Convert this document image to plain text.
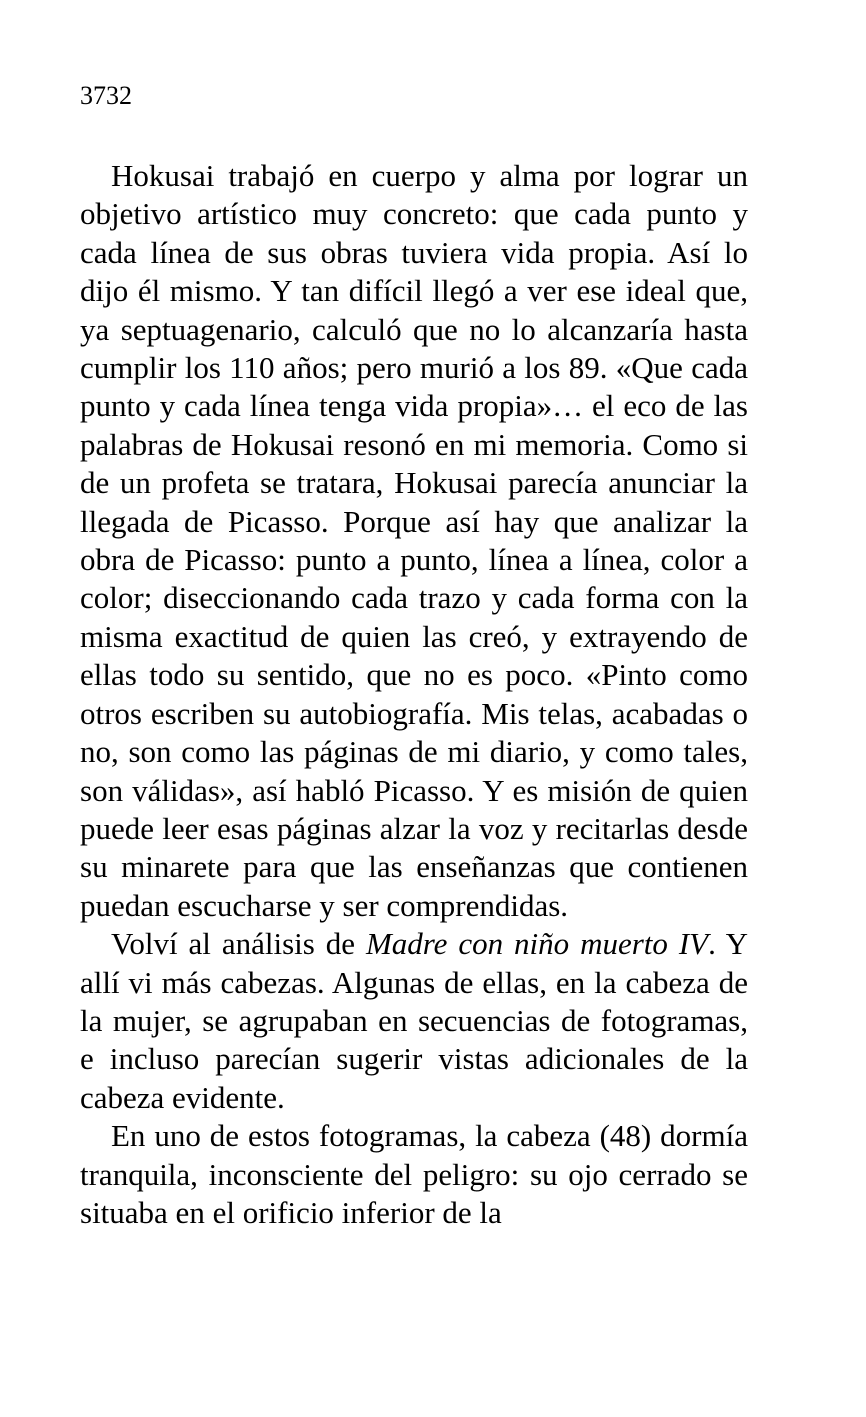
3732

Hokusai trabajó en cuerpo y alma por lograr un objetivo artístico muy concreto: que cada punto y cada línea de sus obras tuviera vida propia. Así lo dijo él mismo. Y tan difícil llegó a ver ese ideal que, ya septuagenario, calculó que no lo alcanzaría hasta cumplir los 110 años; pero murió a los 89. «Que cada punto y cada línea tenga vida propia»… el eco de las palabras de Hokusai resonó en mi memoria. Como si de un profeta se tratara, Hokusai parecía anunciar la llegada de Picasso. Porque así hay que analizar la obra de Picasso: punto a punto, línea a línea, color a color; diseccionando cada trazo y cada forma con la misma exactitud de quien las creó, y extrayendo de ellas todo su sentido, que no es poco. «Pinto como otros escriben su autobiografía. Mis telas, acabadas o no, son como las páginas de mi diario, y como tales, son válidas», así habló Picasso. Y es misión de quien puede leer esas páginas alzar la voz y recitarlas desde su minarete para que las enseñanzas que contienen puedan escucharse y ser comprendidas.

Volví al análisis de Madre con niño muerto IV. Y allí vi más cabezas. Algunas de ellas, en la cabeza de la mujer, se agrupaban en secuencias de fotogramas, e incluso parecían sugerir vistas adicionales de la cabeza evidente.

En uno de estos fotogramas, la cabeza (48) dormía tranquila, inconsciente del peligro: su ojo cerrado se situaba en el orificio inferior de la
